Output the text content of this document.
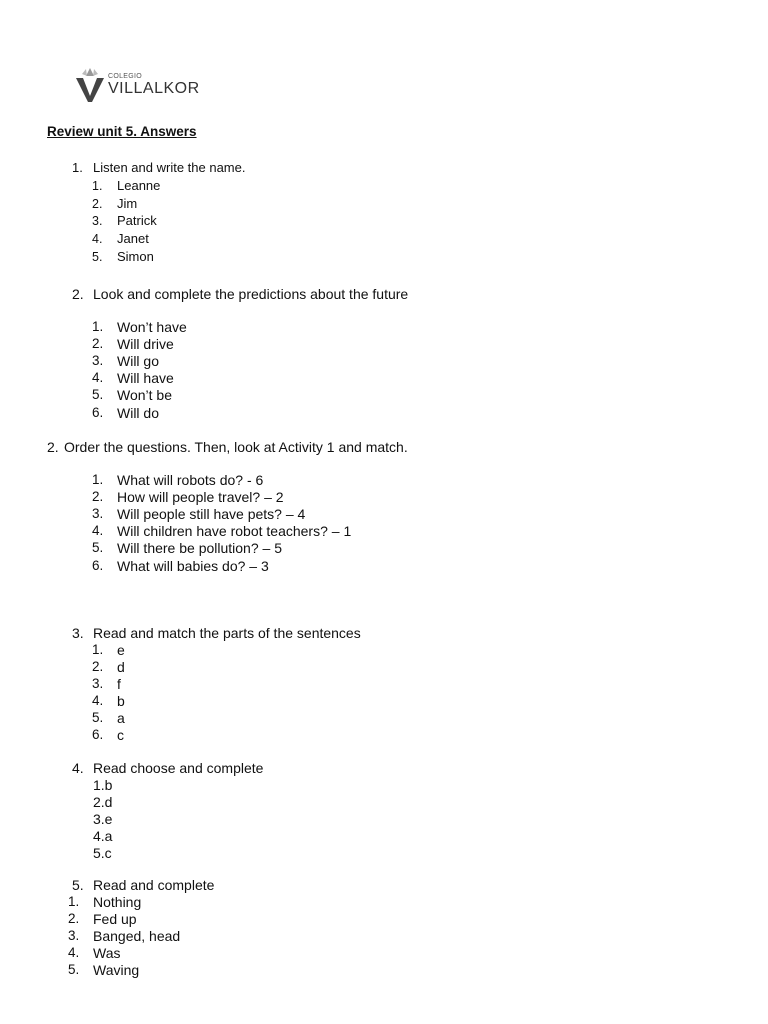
COLEGIO
VILLALKOR
Review unit 5. Answers
1. Listen and write the name.
1. Leanne
2. Jim
3. Patrick
4. Janet
5. Simon
2. Look and complete the predictions about the future
1. Won’t have
2. Will drive
3. Will go
4. Will have
5. Won’t be
6. Will do
2. Order the questions. Then, look at Activity 1 and match.
1. What will robots do? - 6
2. How will people travel? – 2
3. Will people still have pets? – 4
4. Will children have robot teachers? – 1
5. Will there be pollution? – 5
6. What will babies do? – 3
3. Read and match the parts of the sentences
1. e
2. d
3. f
4. b
5. a
6. c
4. Read choose and complete
1.b
2.d
3.e
4.a
5.c
5. Read and complete
1. Nothing
2. Fed up
3. Banged, head
4. Was
5. Waving
